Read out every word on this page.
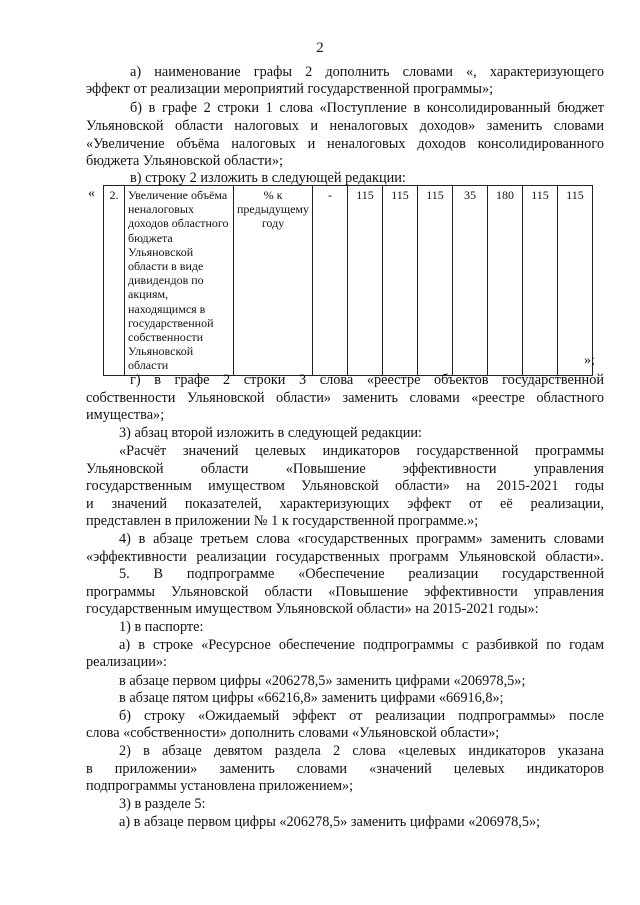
2
а) наименование графы 2 дополнить словами «, характеризующего
эффект от реализации мероприятий государственной программы»;
б) в графе 2 строки 1 слова «Поступление в консолидированный бюджет
Ульяновской области налоговых и неналоговых доходов» заменить словами
«Увеличение объёма налоговых и неналоговых доходов консолидированного
бюджета Ульяновской области»;
в) строку 2 изложить в следующей редакции:
« 2.	Увеличение объёма неналоговых доходов областного бюджета Ульяновской области в виде дивидендов по акциям, находящимся в государственной собственности Ульяновской области	% к предыдущему году	-	115	115	115	35	180	115	115
»;
г) в графе 2 строки 3 слова «реестре объектов государственной
собственности Ульяновской области» заменить словами «реестре областного
имущества»;
3) абзац второй изложить в следующей редакции:
«Расчёт значений целевых индикаторов государственной программы
Ульяновской области «Повышение эффективности управления
государственным имуществом Ульяновской области» на 2015-2021 годы
и значений показателей, характеризующих эффект от её реализации,
представлен в приложении № 1 к государственной программе.»;
4) в абзаце третьем слова «государственных программ» заменить словами
«эффективности реализации государственных программ Ульяновской области».
5. В подпрограмме «Обеспечение реализации государственной
программы Ульяновской области «Повышение эффективности управления
государственным имуществом Ульяновской области» на 2015-2021 годы»:
1) в паспорте:
а) в строке «Ресурсное обеспечение подпрограммы с разбивкой по годам
реализации»:
в абзаце первом цифры «206278,5» заменить цифрами «206978,5»;
в абзаце пятом цифры «66216,8» заменить цифрами «66916,8»;
б) строку «Ожидаемый эффект от реализации подпрограммы» после
слова «собственности» дополнить словами «Ульяновской области»;
2) в абзаце девятом раздела 2 слова «целевых индикаторов указана
в приложении» заменить словами «значений целевых индикаторов
подпрограммы установлена приложением»;
3) в разделе 5:
а) в абзаце первом цифры «206278,5» заменить цифрами «206978,5»;
